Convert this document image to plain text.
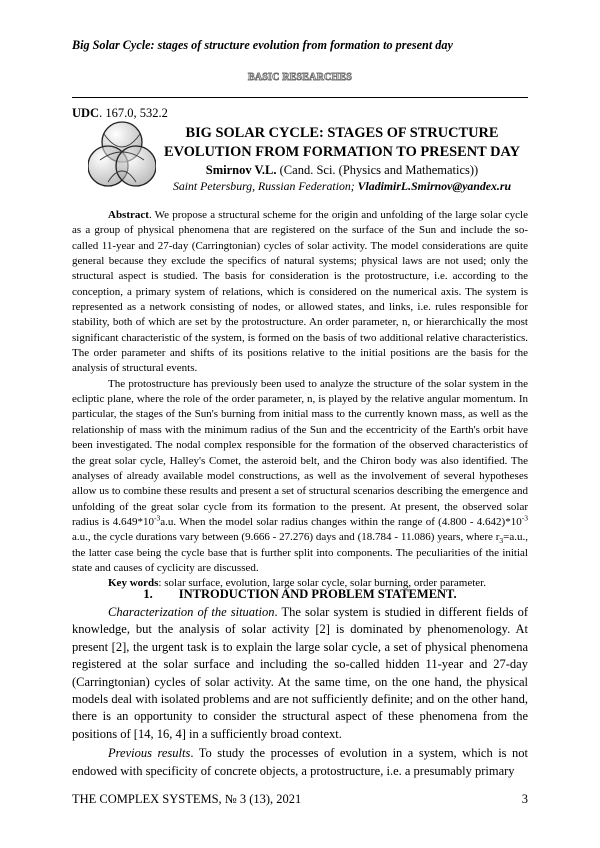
Big Solar Cycle: stages of structure evolution from formation to present day
BASIC RESEARCHES
UDC. 167.0, 532.2
BIG SOLAR CYCLE: STAGES OF STRUCTURE EVOLUTION FROM FORMATION TO PRESENT DAY
Smirnov V.L. (Cand. Sci. (Physics and Mathematics))
Saint Petersburg, Russian Federation; VladimirL.Smirnov@yandex.ru

Abstract. We propose a structural scheme for the origin and unfolding of the large solar cycle as a group of physical phenomena that are registered on the surface of the Sun and include the so-called 11-year and 27-day (Carringtonian) cycles of solar activity. The model considerations are quite general because they exclude the specifics of natural systems; physical laws are not used; only the structural aspect is studied. The basis for consideration is the protostructure, i.e. according to the conception, a primary system of relations, which is considered on the numerical axis. The system is represented as a network consisting of nodes, or allowed states, and links, i.e. rules responsible for stability, both of which are set by the protostructure. An order parameter, n, or hierarchically the most significant characteristic of the system, is formed on the basis of two additional relative characteristics. The order parameter and shifts of its positions relative to the initial positions are the basis for the analysis of structural events.

The protostructure has previously been used to analyze the structure of the solar system in the ecliptic plane, where the role of the order parameter, n, is played by the relative angular momentum. In particular, the stages of the Sun's burning from initial mass to the currently known mass, as well as the relationship of mass with the minimum radius of the Sun and the eccentricity of the Earth's orbit have been investigated. The nodal complex responsible for the formation of the observed characteristics of the great solar cycle, Halley's Comet, the asteroid belt, and the Chiron body was also identified. The analyses of already available model constructions, as well as the involvement of several hypotheses allow us to combine these results and present a set of structural scenarios describing the emergence and unfolding of the great solar cycle from its formation to the present. At present, the observed solar radius is $4.649*10^{-3}a.u$. When the model solar radius changes within the range of $(4.800 - 4.642)*10^{-3}$ a.u., the cycle durations vary between (9.666 - 27.276) days and (18.784 - 11.086) years, where $r_3=a.u$., the latter case being the cycle base that is further split into components. The peculiarities of the initial state and causes of cyclicity are discussed.

Key words: solar surface, evolution, large solar cycle, solar burning, order parameter.

1. INTRODUCTION AND PROBLEM STATEMENT.

Characterization of the situation. The solar system is studied in different fields of knowledge, but the analysis of solar activity [2] is dominated by phenomenology. At present [2], the urgent task is to explain the large solar cycle, a set of physical phenomena registered at the solar surface and including the so-called hidden 11-year and 27-day (Carringtonian) cycles of solar activity. At the same time, on the one hand, the physical models deal with isolated problems and are not sufficiently definite; and on the other hand, there is an opportunity to consider the structural aspect of these phenomena from the positions of [14, 16, 4] in a sufficiently broad context.

Previous results. To study the processes of evolution in a system, which is not endowed with specificity of concrete objects, a protostructure, i.e. a presumably primary

THE COMPLEX SYSTEMS, № 3 (13), 2021	3
